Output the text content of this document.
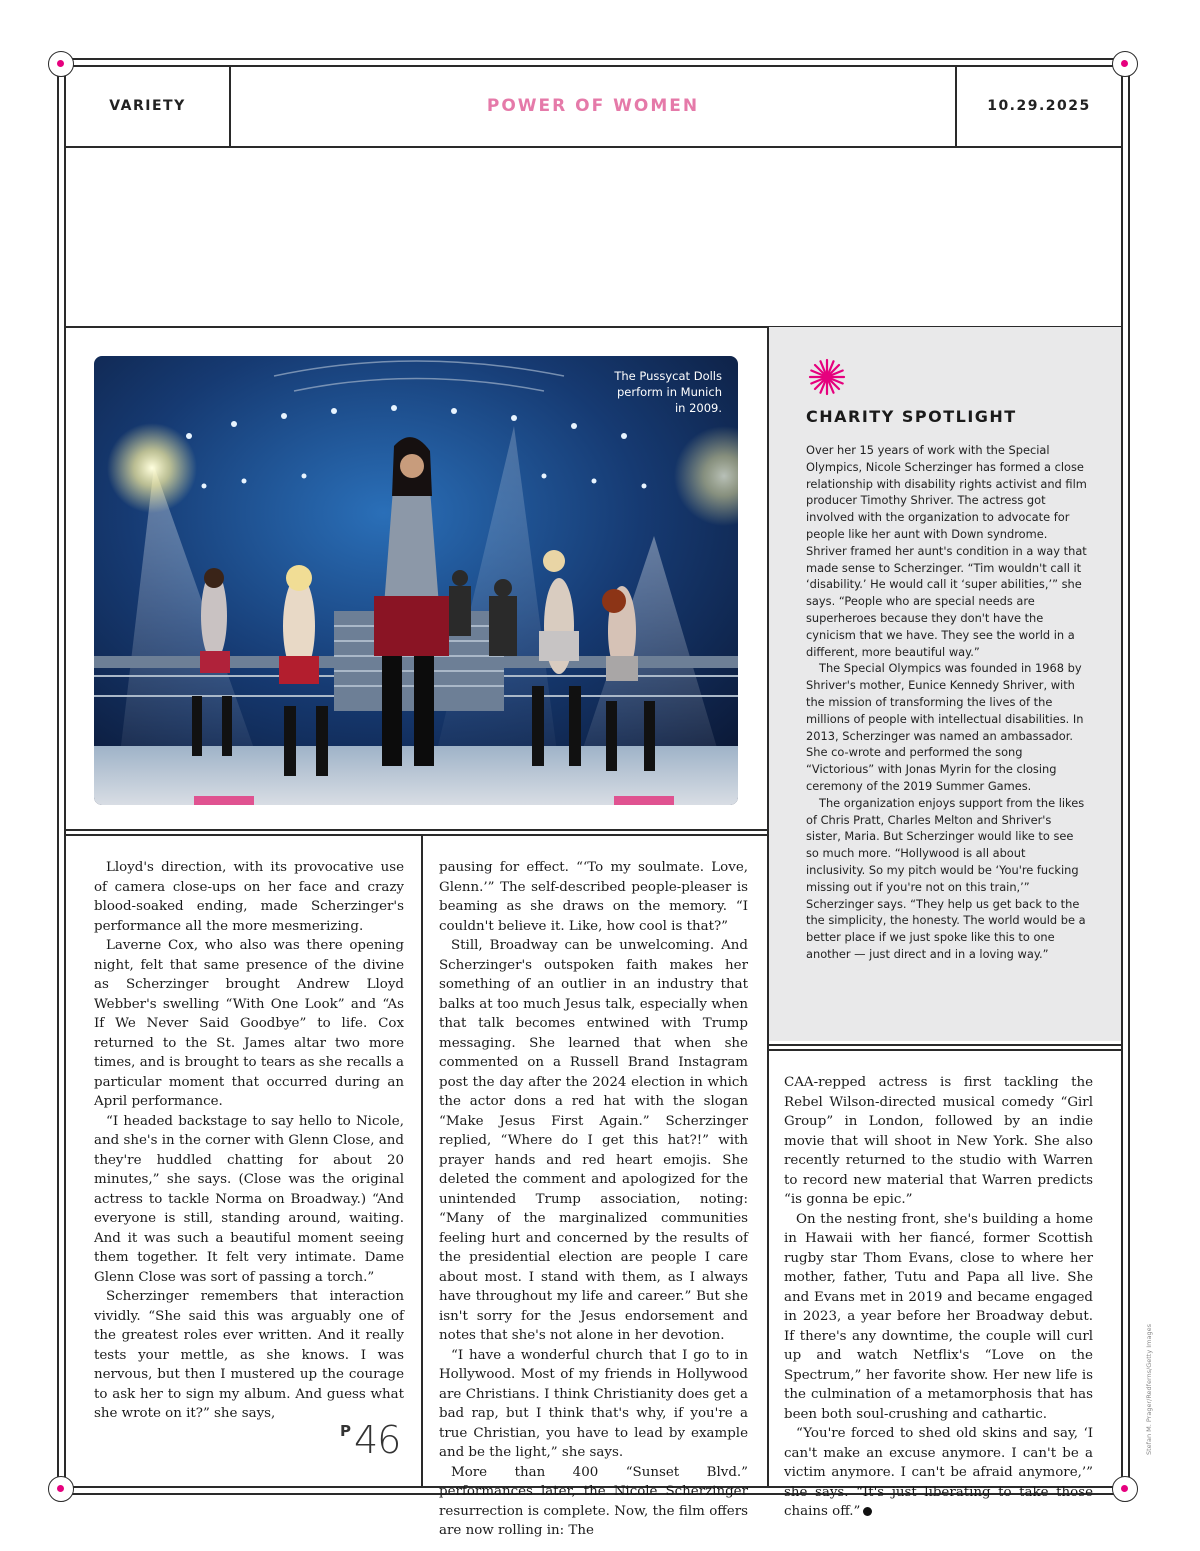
VARIETY	POWER OF WOMEN	10.29.2025
The Pussycat Dolls
perform in Munich
in 2009.	CHARITY SPOTLIGHT

Over her 15 years of work with the Special Olympics, Nicole Scherzinger has formed a close relationship with disability rights activist and film producer Timothy Shriver. The actress got involved with the organization to advocate for people like her aunt with Down syndrome. Shriver framed her aunt's condition in a way that made sense to Scherzinger. “Tim wouldn't call it ‘disability.’ He would call it ‘super abilities,’” she says. “People who are special needs are superheroes because they don't have the cynicism that we have. They see the world in a different, more beautiful way.”

The Special Olympics was founded in 1968 by Shriver's mother, Eunice Kennedy Shriver, with the mission of transforming the lives of the millions of people with intellectual disabilities. In 2013, Scherzinger was named an ambassador. She co-wrote and performed the song “Victorious” with Jonas Myrin for the closing ceremony of the 2019 Summer Games.

The organization enjoys support from the likes of Chris Pratt, Charles Melton and Shriver's sister, Maria. But Scherzinger would like to see so much more. “Hollywood is all about inclusivity. So my pitch would be ‘You're fucking missing out if you're not on this train,’” Scherzinger says. “They help us get back to the the simplicity, the honesty. The world would be a better place if we just spoke like this to one another — just direct and in a loving way.”

Lloyd's direction, with its provocative use of camera close-ups on her face and crazy blood-soaked ending, made Scherzinger's performance all the more mesmerizing.

Laverne Cox, who also was there opening night, felt that same presence of the divine as Scherzinger brought Andrew Lloyd Webber's swelling “With One Look” and “As If We Never Said Goodbye” to life. Cox returned to the St. James altar two more times, and is brought to tears as she recalls a particular moment that occurred during an April performance.

“I headed backstage to say hello to Nicole, and she's in the corner with Glenn Close, and they're huddled chatting for about 20 minutes,” she says. (Close was the original actress to tackle Norma on Broadway.) “And everyone is still, standing around, waiting. And it was such a beautiful moment seeing them together. It felt very intimate. Dame Glenn Close was sort of passing a torch.”

Scherzinger remembers that interaction vividly. “She said this was arguably one of the greatest roles ever written. And it really tests your mettle, as she knows. I was nervous, but then I mustered up the courage to ask her to sign my album. And guess what she wrote on it?” she says,

pausing for effect. “‘To my soulmate. Love, Glenn.’” The self-described people-pleaser is beaming as she draws on the memory. “I couldn't believe it. Like, how cool is that?”

Still, Broadway can be unwelcoming. And Scherzinger's outspoken faith makes her something of an outlier in an industry that balks at too much Jesus talk, especially when that talk becomes entwined with Trump messaging. She learned that when she commented on a Russell Brand Instagram post the day after the 2024 election in which the actor dons a red hat with the slogan “Make Jesus First Again.” Scherzinger replied, “Where do I get this hat?!” with prayer hands and red heart emojis. She deleted the comment and apologized for the unintended Trump association, noting: “Many of the marginalized communities feeling hurt and concerned by the results of the presidential election are people I care about most. I stand with them, as I always have throughout my life and career.” But she isn't sorry for the Jesus endorsement and notes that she's not alone in her devotion.

“I have a wonderful church that I go to in Hollywood. Most of my friends in Hollywood are Christians. I think Christianity does get a bad rap, but I think that's why, if you're a true Christian, you have to lead by example and be the light,” she says.

More than 400 “Sunset Blvd.” performances later, the Nicole Scherzinger resurrection is complete. Now, the film offers are now rolling in: The

CAA-repped actress is first tackling the Rebel Wilson-directed musical comedy “Girl Group” in London, followed by an indie movie that will shoot in New York. She also recently returned to the studio with Warren to record new material that Warren predicts “is gonna be epic.”

On the nesting front, she's building a home in Hawaii with her fiancé, former Scottish rugby star Thom Evans, close to where her mother, father, Tutu and Papa all live. She and Evans met in 2019 and became engaged in 2023, a year before her Broadway debut. If there's any downtime, the couple will curl up and watch Netflix's “Love on the Spectrum,” her favorite show. Her new life is the culmination of a metamorphosis that has been both soul-crushing and cathartic.

“You're forced to shed old skins and say, ‘I can't make an excuse anymore. I can't be a victim anymore. I can't be afraid anymore,’” she says. “It's just liberating to take those chains off.”

P 46	Stefan M. Prager/Redferns/Getty Images
